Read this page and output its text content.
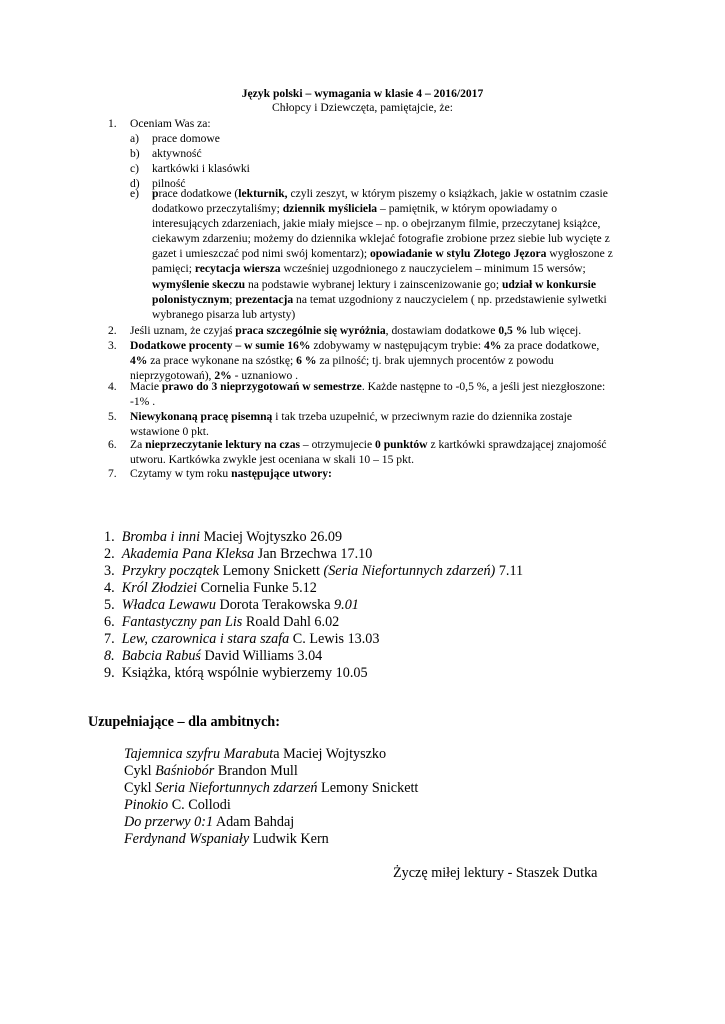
Język polski – wymagania w klasie 4 – 2016/2017
Chłopcy i Dziewczęta, pamiętajcie, że:
1. Oceniam Was za:
a) prace domowe
b) aktywność
c) kartkówki i klasówki
d) pilność
e) prace dodatkowe (lekturnik, czyli zeszyt, w którym piszemy o książkach, jakie w ostatnim czasie
dodatkowo przeczytaliśmy; dziennik myśliciela – pamiętnik, w którym opowiadamy o
interesujących zdarzeniach, jakie miały miejsce – np. o obejrzanym filmie, przeczytanej książce,
ciekawym zdarzeniu; możemy do dziennika wklejać fotografie zrobione przez siebie lub wycięte z
gazet i umieszczać pod nimi swój komentarz); opowiadanie w stylu Złotego Jęzora wygłoszone z
pamięci; recytacja wiersza wcześniej uzgodnionego z nauczycielem – minimum 15 wersów;
wymyślenie skeczu na podstawie wybranej lektury i zainscenizowanie go; udział w konkursie
polonistycznym; prezentacja na temat uzgodniony z nauczycielem ( np. przedstawienie sylwetki
wybranego pisarza lub artysty)
2. Jeśli uznam, że czyjaś praca szczególnie się wyróżnia, dostawiam dodatkowe 0,5 % lub więcej.
3. Dodatkowe procenty – w sumie 16% zdobywamy w następującym trybie: 4% za prace dodatkowe,
4% za prace wykonane na szóstkę; 6 % za pilność; tj. brak ujemnych procentów z powodu
nieprzygotowań), 2% - uznaniowo .
4. Macie prawo do 3 nieprzygotowań w semestrze. Każde następne to -0,5 %, a jeśli jest niezgłoszone:
-1% .
5. Niewykonaną pracę pisemną i tak trzeba uzupełnić, w przeciwnym razie do dziennika zostaje
wstawione 0 pkt.
6. Za nieprzeczytanie lektury na czas – otrzymujecie 0 punktów z kartkówki sprawdzającej znajomość
utworu. Kartkówka zwykle jest oceniana w skali 10 – 15 pkt.
7. Czytamy w tym roku następujące utwory:
1. Bromba i inni Maciej Wojtyszko 26.09
2. Akademia Pana Kleksa Jan Brzechwa 17.10
3. Przykry początek Lemony Snickett (Seria Niefortunnych zdarzeń) 7.11
4. Król Złodziei Cornelia Funke 5.12
5. Władca Lewawu Dorota Terakowska 9.01
6. Fantastyczny pan Lis Roald Dahl 6.02
7. Lew, czarownica i stara szafa C. Lewis 13.03
8. Babcia Rabuś David Williams 3.04
9. Książka, którą wspólnie wybierzemy 10.05
Uzupełniające – dla ambitnych:
Tajemnica szyfru Marabuta Maciej Wojtyszko
Cykl Baśniobór Brandon Mull
Cykl Seria Niefortunnych zdarzeń Lemony Snickett
Pinokio C. Collodi
Do przerwy 0:1 Adam Bahdaj
Ferdynand Wspaniały Ludwik Kern
Życzę miłej lektury - Staszek Dutka
